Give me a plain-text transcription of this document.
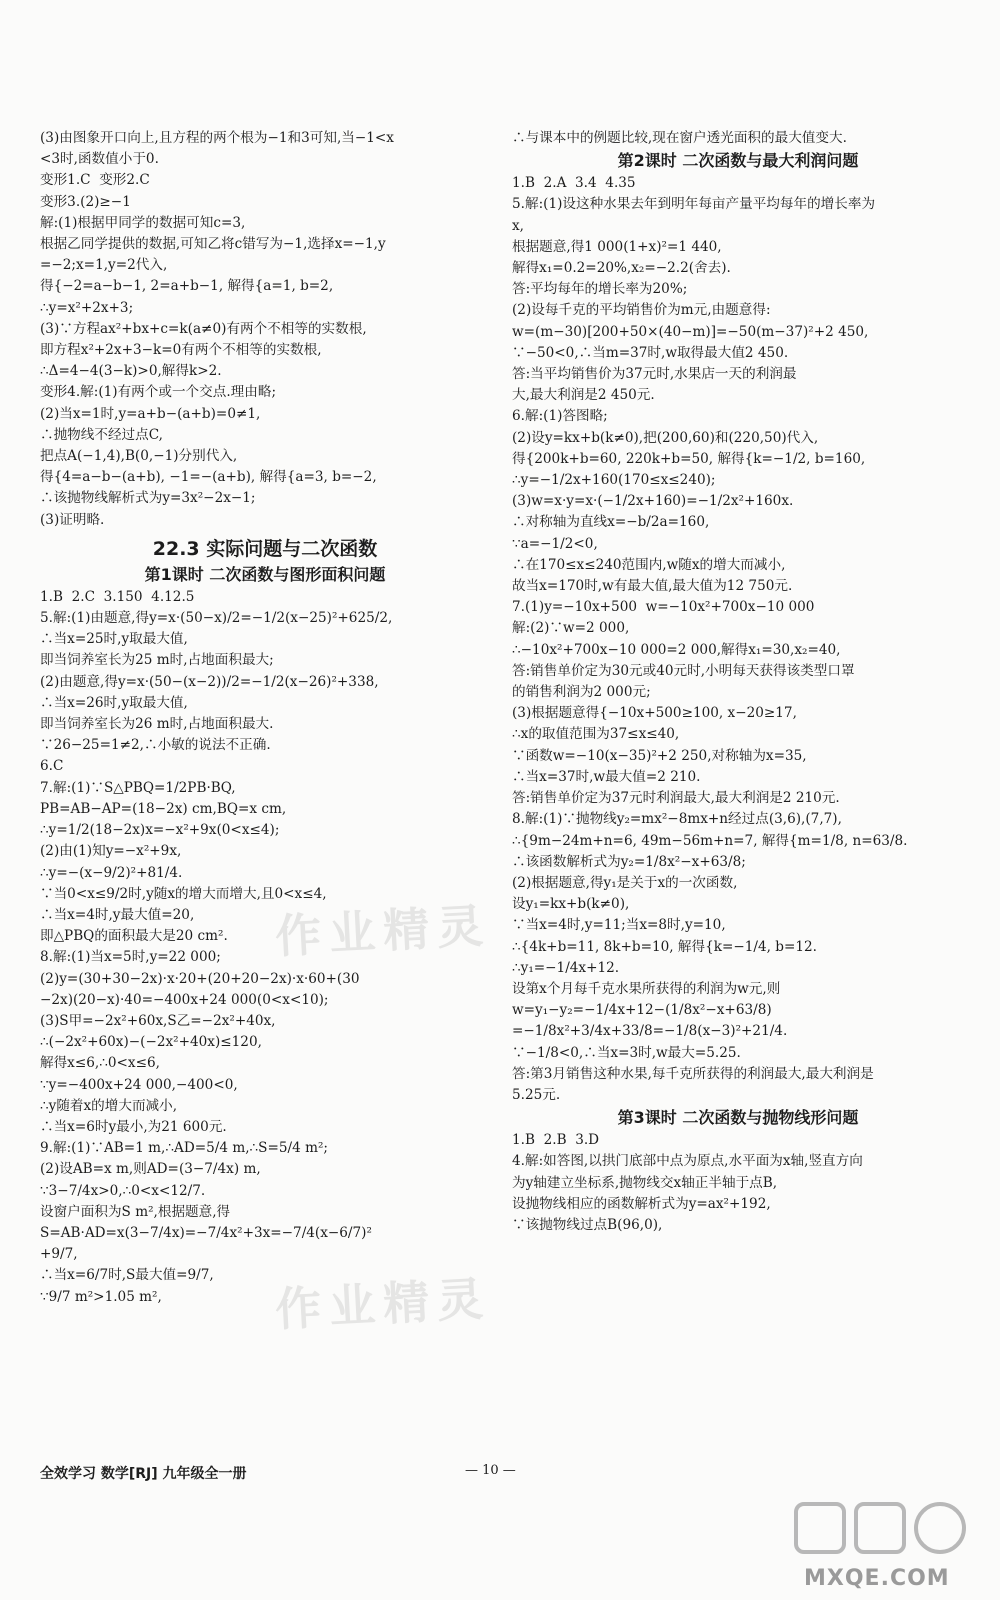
(3)由图象开口向上,且方程的两个根为−1和3可知,当−1<x
<3时,函数值小于0.
变形1.C  变形2.C
变形3.(2)≥−1
解:(1)根据甲同学的数据可知c=3,
根据乙同学提供的数据,可知乙将c错写为−1,选择x=−1,y
=−2;x=1,y=2代入,
得{−2=a−b−1, 2=a+b−1, 解得{a=1, b=2,
∴y=x²+2x+3;
(3)∵方程ax²+bx+c=k(a≠0)有两个不相等的实数根,
即方程x²+2x+3−k=0有两个不相等的实数根,
∴Δ=4−4(3−k)>0,解得k>2.
变形4.解:(1)有两个或一个交点.理由略;
(2)当x=1时,y=a+b−(a+b)=0≠1,
∴抛物线不经过点C,
把点A(−1,4),B(0,−1)分别代入,
得{4=a−b−(a+b), −1=−(a+b), 解得{a=3, b=−2,
∴该抛物线解析式为y=3x²−2x−1;
(3)证明略.
22.3 实际问题与二次函数
第1课时 二次函数与图形面积问题
1.B  2.C  3.150  4.12.5
5.解:(1)由题意,得y=x·(50−x)/2=−1/2(x−25)²+625/2,
∴当x=25时,y取最大值,
即当饲养室长为25 m时,占地面积最大;
(2)由题意,得y=x·(50−(x−2))/2=−1/2(x−26)²+338,
∴当x=26时,y取最大值,
即当饲养室长为26 m时,占地面积最大.
∵26−25=1≠2,∴小敏的说法不正确.
6.C
7.解:(1)∵S△PBQ=1/2PB·BQ,
PB=AB−AP=(18−2x) cm,BQ=x cm,
∴y=1/2(18−2x)x=−x²+9x(0<x≤4);
(2)由(1)知y=−x²+9x,
∴y=−(x−9/2)²+81/4.
∵当0<x≤9/2时,y随x的增大而增大,且0<x≤4,
∴当x=4时,y最大值=20,
即△PBQ的面积最大是20 cm².
8.解:(1)当x=5时,y=22 000;
(2)y=(30+30−2x)·x·20+(20+20−2x)·x·60+(30
−2x)(20−x)·40=−400x+24 000(0<x<10);
(3)S甲=−2x²+60x,S乙=−2x²+40x,
∴(−2x²+60x)−(−2x²+40x)≤120,
解得x≤6,∴0<x≤6,
∵y=−400x+24 000,−400<0,
∴y随着x的增大而减小,
∴当x=6时y最小,为21 600元.
9.解:(1)∵AB=1 m,∴AD=5/4 m,∴S=5/4 m²;
(2)设AB=x m,则AD=(3−7/4x) m,
∵3−7/4x>0,∴0<x<12/7.
设窗户面积为S m²,根据题意,得
S=AB·AD=x(3−7/4x)=−7/4x²+3x=−7/4(x−6/7)²
+9/7,
∴当x=6/7时,S最大值=9/7,
∵9/7 m²>1.05 m²,
∴与课本中的例题比较,现在窗户透光面积的最大值变大.
第2课时 二次函数与最大利润问题
1.B  2.A  3.4  4.35
5.解:(1)设这种水果去年到明年每亩产量平均每年的增长率为
x,
根据题意,得1 000(1+x)²=1 440,
解得x₁=0.2=20%,x₂=−2.2(舍去).
答:平均每年的增长率为20%;
(2)设每千克的平均销售价为m元,由题意得:
w=(m−30)[200+50×(40−m)]=−50(m−37)²+2 450,
∵−50<0,∴当m=37时,w取得最大值2 450.
答:当平均销售价为37元时,水果店一天的利润最
大,最大利润是2 450元.
6.解:(1)答图略;
(2)设y=kx+b(k≠0),把(200,60)和(220,50)代入,
得{200k+b=60, 220k+b=50, 解得{k=−1/2, b=160,
∴y=−1/2x+160(170≤x≤240);
(3)w=x·y=x·(−1/2x+160)=−1/2x²+160x.
∴对称轴为直线x=−b/2a=160,
∵a=−1/2<0,
∴在170≤x≤240范围内,w随x的增大而减小,
故当x=170时,w有最大值,最大值为12 750元.
7.(1)y=−10x+500  w=−10x²+700x−10 000
解:(2)∵w=2 000,
∴−10x²+700x−10 000=2 000,解得x₁=30,x₂=40,
答:销售单价定为30元或40元时,小明每天获得该类型口罩
的销售利润为2 000元;
(3)根据题意得{−10x+500≥100, x−20≥17,
∴x的取值范围为37≤x≤40,
∵函数w=−10(x−35)²+2 250,对称轴为x=35,
∴当x=37时,w最大值=2 210.
答:销售单价定为37元时利润最大,最大利润是2 210元.
8.解:(1)∵抛物线y₂=mx²−8mx+n经过点(3,6),(7,7),
∴{9m−24m+n=6, 49m−56m+n=7, 解得{m=1/8, n=63/8.
∴该函数解析式为y₂=1/8x²−x+63/8;
(2)根据题意,得y₁是关于x的一次函数,
设y₁=kx+b(k≠0),
∵当x=4时,y=11;当x=8时,y=10,
∴{4k+b=11, 8k+b=10, 解得{k=−1/4, b=12.
∴y₁=−1/4x+12.
设第x个月每千克水果所获得的利润为w元,则
w=y₁−y₂=−1/4x+12−(1/8x²−x+63/8)
=−1/8x²+3/4x+33/8=−1/8(x−3)²+21/4.
∵−1/8<0,∴当x=3时,w最大=5.25.
答:第3月销售这种水果,每千克所获得的利润最大,最大利润是
5.25元.
第3课时 二次函数与抛物线形问题
1.B  2.B  3.D
4.解:如答图,以拱门底部中点为原点,水平面为x轴,竖直方向
为y轴建立坐标系,抛物线交x轴正半轴于点B,
设抛物线相应的函数解析式为y=ax²+192,
∵该抛物线过点B(96,0),
作业精灵
作业精灵
全效学习 数学[RJ] 九年级全一册	— 10 —
MXQE.COM
